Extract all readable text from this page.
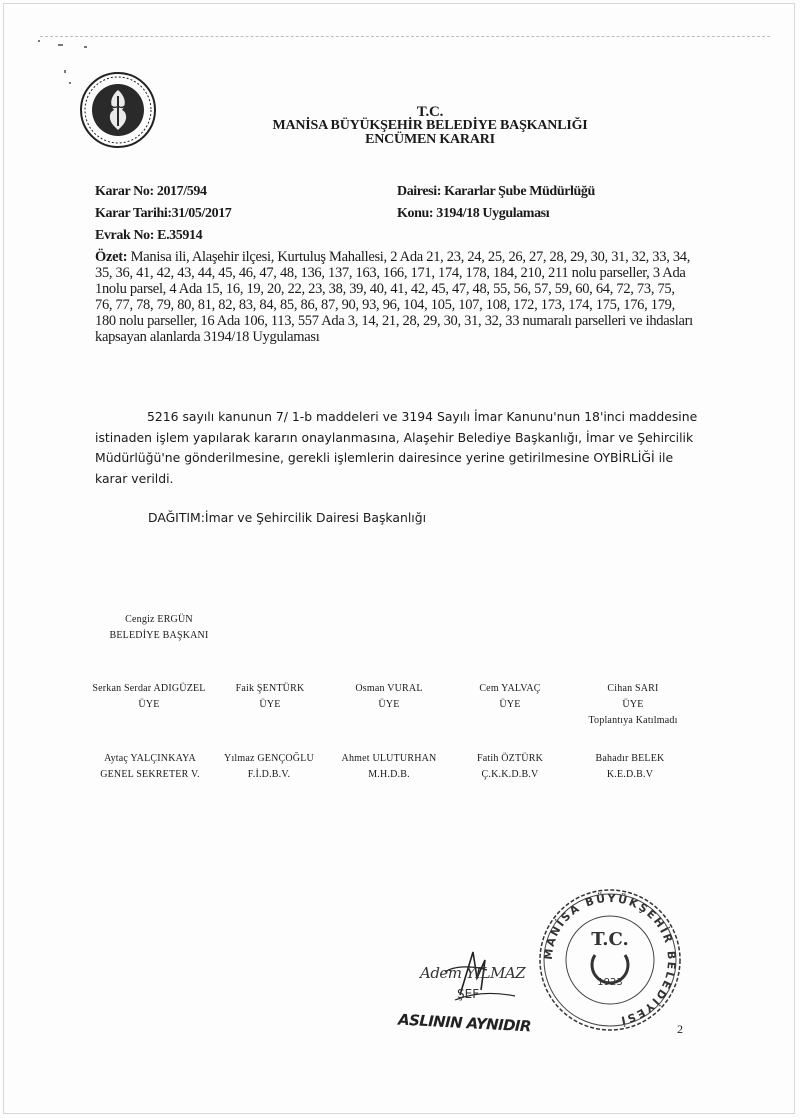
T.C.
MANİSA BÜYÜKŞEHİR BELEDİYE BAŞKANLIĞI
ENCÜMEN KARARI
Karar No: 2017/594
Karar Tarihi:31/05/2017
Evrak No: E.35914
Dairesi: Kararlar Şube Müdürlüğü
Konu: 3194/18 Uygulaması
Özet: Manisa ili, Alaşehir ilçesi, Kurtuluş Mahallesi, 2 Ada 21, 23, 24, 25, 26, 27, 28, 29, 30, 31, 32, 33, 34, 35, 36, 41, 42, 43, 44, 45, 46, 47, 48, 136, 137, 163, 166, 171, 174, 178, 184, 210, 211 nolu parseller, 3 Ada 1nolu parsel, 4 Ada 15, 16, 19, 20, 22, 23, 38, 39, 40, 41, 42, 45, 47, 48, 55, 56, 57, 59, 60, 64, 72, 73, 75, 76, 77, 78, 79, 80, 81, 82, 83, 84, 85, 86, 87, 90, 93, 96, 104, 105, 107, 108, 172, 173, 174, 175, 176, 179, 180 nolu parseller, 16 Ada 106, 113, 557 Ada 3, 14, 21, 28, 29, 30, 31, 32, 33 numaralı parselleri ve ihdasları kapsayan alanlarda 3194/18 Uygulaması
5216 sayılı kanunun 7/ 1-b maddeleri ve 3194 Sayılı İmar Kanunu'nun 18'inci maddesine istinaden işlem yapılarak kararın onaylanmasına, Alaşehir Belediye Başkanlığı, İmar ve Şehircilik Müdürlüğü'ne gönderilmesine, gerekli işlemlerin dairesince yerine getirilmesine OYBİRLİĞİ ile karar verildi.
DAĞITIM:İmar ve Şehircilik Dairesi Başkanlığı
Cengiz ERGÜN
BELEDİYE BAŞKANI
Serkan Serdar ADIGÜZEL
ÜYE
Faik ŞENTÜRK
ÜYE
Osman VURAL
ÜYE
Cem YALVAÇ
ÜYE
Cihan SARI
ÜYE
Toplantıya Katılmadı
Aytaç YALÇINKAYA
GENEL SEKRETER V.
Yılmaz GENÇOĞLU
F.İ.D.B.V.
Ahmet ULUTURHAN
M.H.D.B.
Fatih ÖZTÜRK
Ç.K.K.D.B.V
Bahadır BELEK
K.E.D.B.V
MANİSA BÜYÜKŞEHİR BELEDİYESİ
T.C.
1923
Adem YILMAZ
ŞEF
ASLININ AYNIDIR	2
